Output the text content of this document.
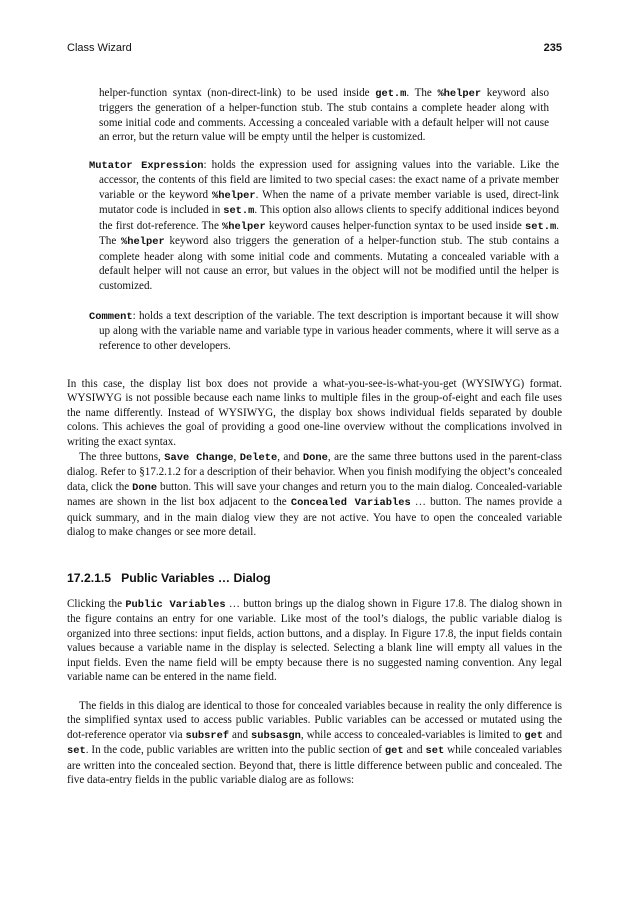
Class Wizard	235

helper-function syntax (non-direct-link) to be used inside get.m. The %helper keyword also triggers the generation of a helper-function stub. The stub contains a complete header along with some initial code and comments. Accessing a concealed variable with a default helper will not cause an error, but the return value will be empty until the helper is customized.

Mutator Expression: holds the expression used for assigning values into the variable. Like the accessor, the contents of this field are limited to two special cases: the exact name of a private member variable or the keyword %helper. When the name of a private member variable is used, direct-link mutator code is included in set.m. This option also allows clients to specify additional indices beyond the first dot-reference. The %helper keyword causes helper-function syntax to be used inside set.m. The %helper keyword also triggers the generation of a helper-function stub. The stub contains a complete header along with some initial code and comments. Mutating a concealed variable with a default helper will not cause an error, but values in the object will not be modified until the helper is customized.

Comment: holds a text description of the variable. The text description is important because it will show up along with the variable name and variable type in various header comments, where it will serve as a reference to other developers.

In this case, the display list box does not provide a what-you-see-is-what-you-get (WYSIWYG) format. WYSIWYG is not possible because each name links to multiple files in the group-of-eight and each file uses the name differently. Instead of WYSIWYG, the display box shows individual fields separated by double colons. This achieves the goal of providing a good one-line overview without the complications involved in writing the exact syntax.

The three buttons, Save Change, Delete, and Done, are the same three buttons used in the parent-class dialog. Refer to §17.2.1.2 for a description of their behavior. When you finish modifying the object’s concealed data, click the Done button. This will save your changes and return you to the main dialog. Concealed-variable names are shown in the list box adjacent to the Concealed Variables … button. The names provide a quick summary, and in the main dialog view they are not active. You have to open the concealed variable dialog to make changes or see more detail.

17.2.1.5 Public Variables … Dialog

Clicking the Public Variables … button brings up the dialog shown in Figure 17.8. The dialog shown in the figure contains an entry for one variable. Like most of the tool’s dialogs, the public variable dialog is organized into three sections: input fields, action buttons, and a display. In Figure 17.8, the input fields contain values because a variable name in the display is selected. Selecting a blank line will empty all values in the input fields. Even the name field will be empty because there is no suggested naming convention. Any legal variable name can be entered in the name field.

The fields in this dialog are identical to those for concealed variables because in reality the only difference is the simplified syntax used to access public variables. Public variables can be accessed or mutated using the dot-reference operator via subsref and subsasgn, while access to concealed-variables is limited to get and set. In the code, public variables are written into the public section of get and set while concealed variables are written into the concealed section. Beyond that, there is little difference between public and concealed. The five data-entry fields in the public variable dialog are as follows:
